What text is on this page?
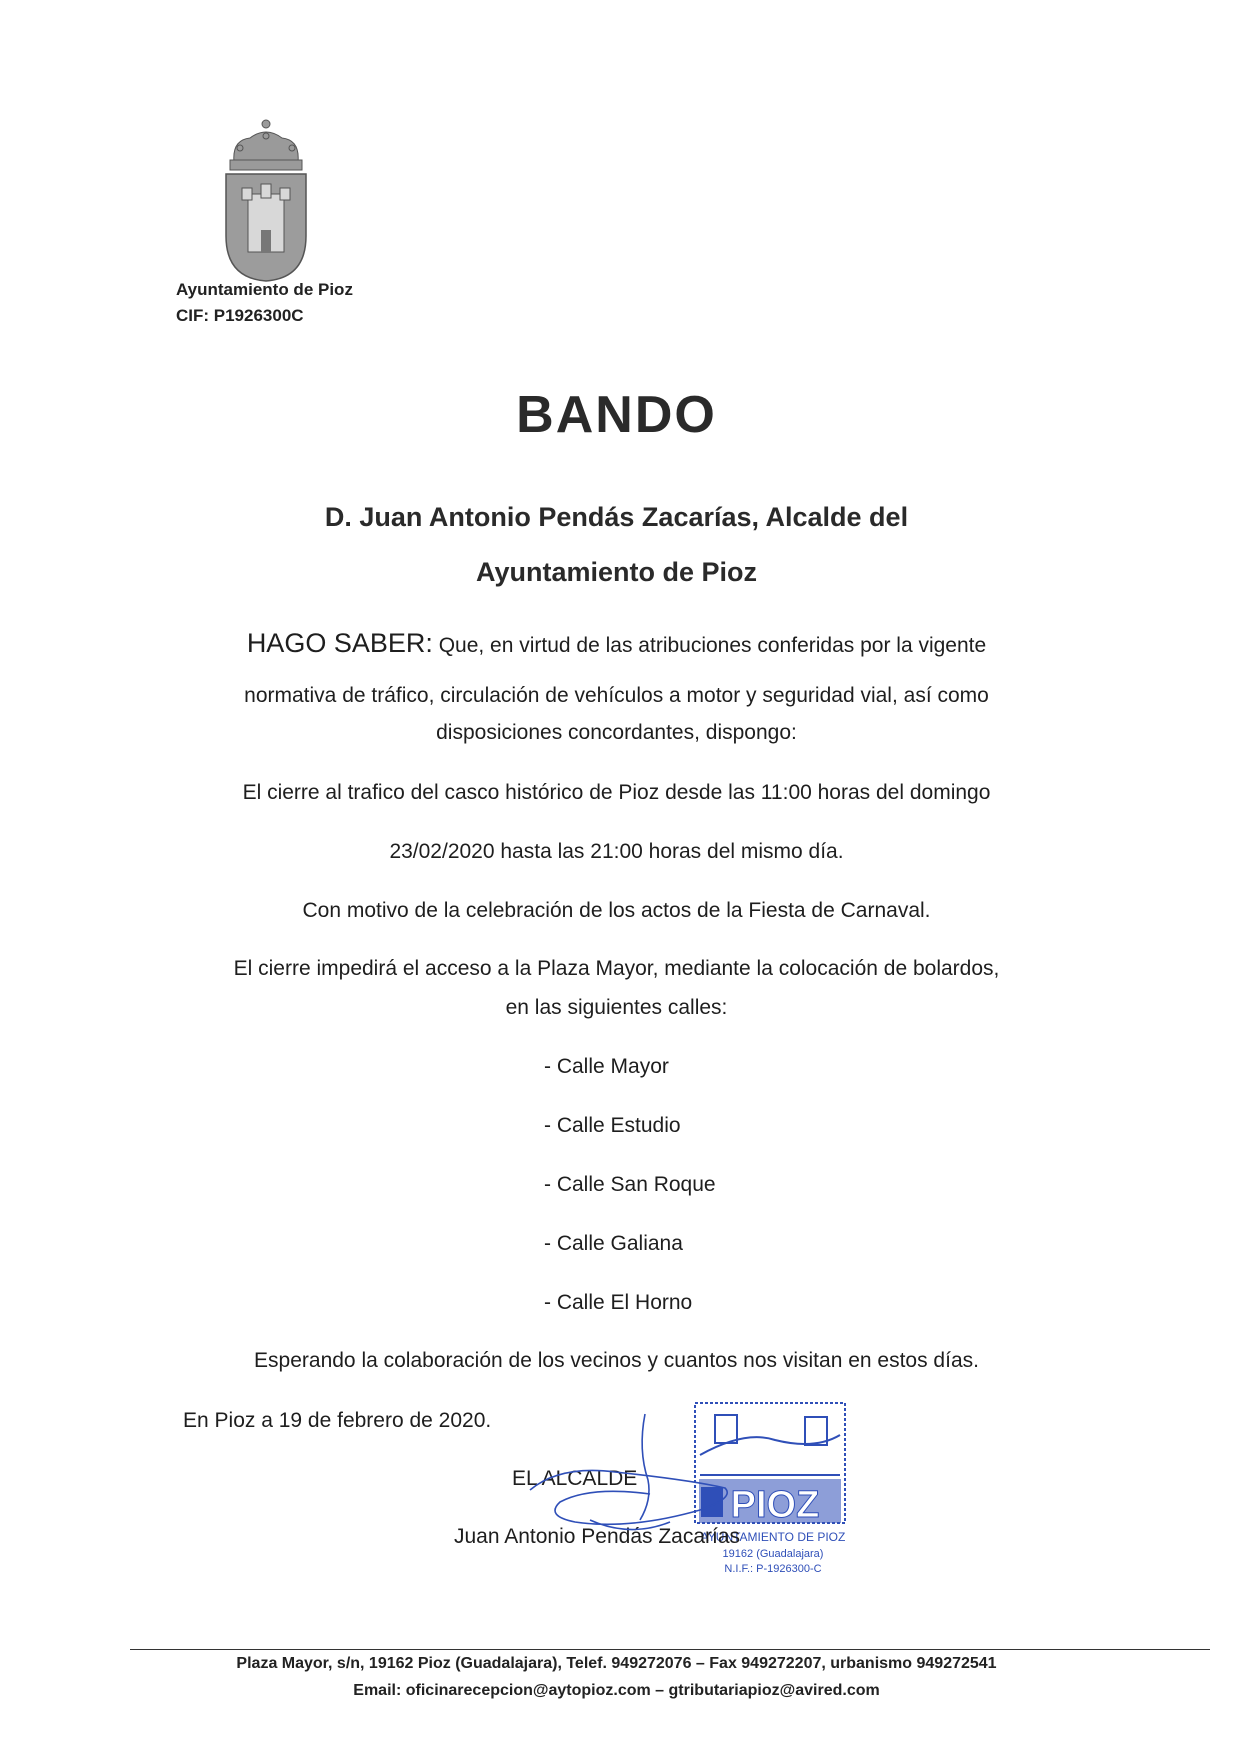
Ayuntamiento de Pioz
CIF: P1926300C
BANDO
D. Juan Antonio Pendás Zacarías, Alcalde del
Ayuntamiento de Pioz
HAGO SABER: Que, en virtud de las atribuciones conferidas por la vigente
normativa de tráfico, circulación de vehículos a motor y seguridad vial, así como
disposiciones concordantes, dispongo:
El cierre al trafico del casco histórico de Pioz desde las 11:00 horas del domingo
23/02/2020 hasta las 21:00 horas del mismo día.
Con motivo de la celebración de los actos de la Fiesta de Carnaval.
El cierre impedirá el acceso a la Plaza Mayor, mediante la colocación de bolardos,
en las siguientes calles:
- Calle Mayor
- Calle Estudio
- Calle San Roque
- Calle Galiana
- Calle El Horno
Esperando la colaboración de los vecinos y cuantos nos visitan en estos días.
En Pioz a 19 de febrero de 2020.
PIOZ
AYUNTAMIENTO DE PIOZ
19162 (Guadalajara)
N.I.F.: P-1926300-C
EL ALCALDE
Juan Antonio Pendás Zacarías
Plaza Mayor, s/n, 19162 Pioz (Guadalajara), Telef. 949272076 – Fax 949272207, urbanismo 949272541
Email: oficinarecepcion@aytopioz.com – gtributariapioz@avired.com
